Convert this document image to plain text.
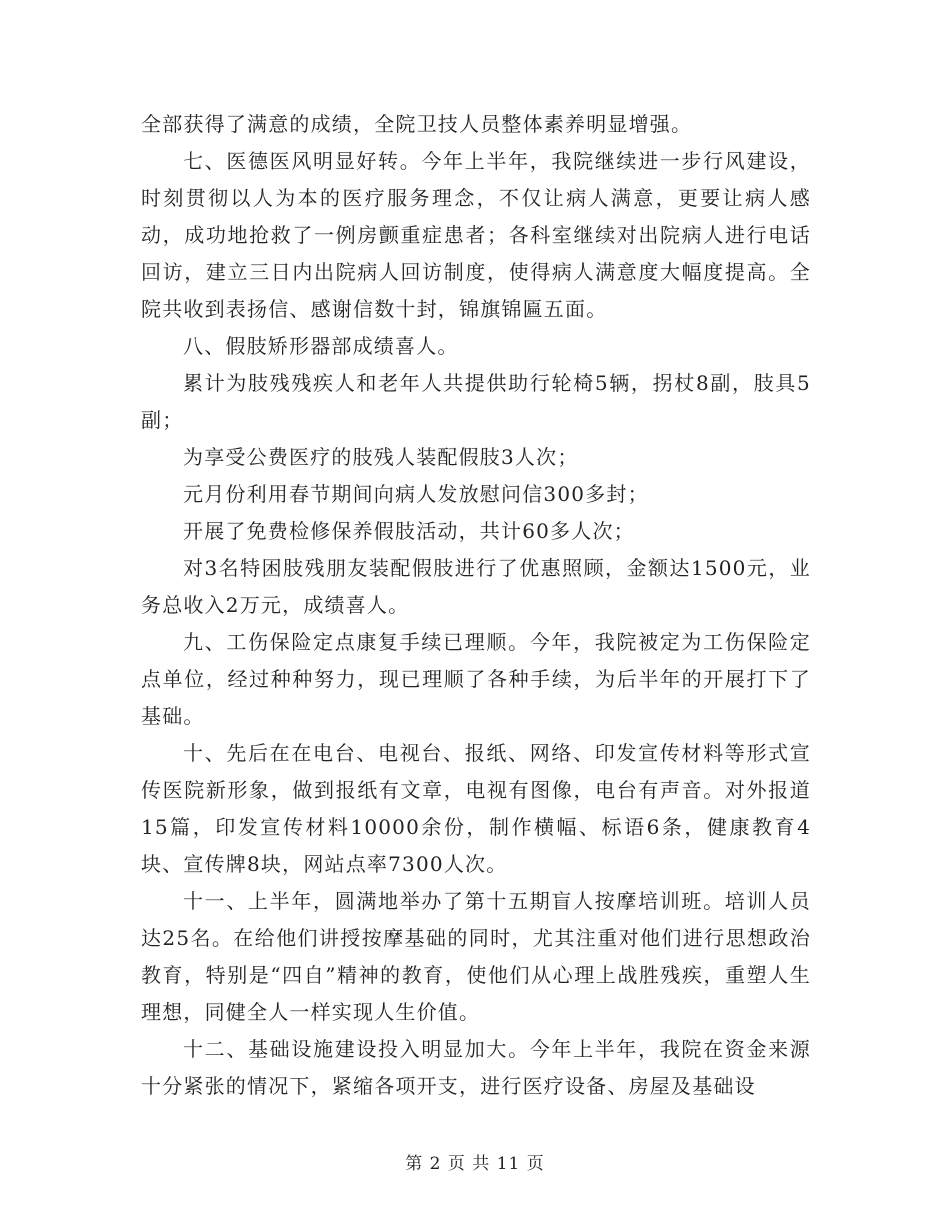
全部获得了满意的成绩，全院卫技人员整体素养明显增强。

七、医德医风明显好转。今年上半年，我院继续进一步行风建设，时刻贯彻以人为本的医疗服务理念，不仅让病人满意，更要让病人感动，成功地抢救了一例房颤重症患者；各科室继续对出院病人进行电话回访，建立三日内出院病人回访制度，使得病人满意度大幅度提高。全院共收到表扬信、感谢信数十封，锦旗锦匾五面。

八、假肢矫形器部成绩喜人。

累计为肢残残疾人和老年人共提供助行轮椅5辆，拐杖8副，肢具5副；

为享受公费医疗的肢残人装配假肢3人次；

元月份利用春节期间向病人发放慰问信300多封；

开展了免费检修保养假肢活动，共计60多人次；

对3名特困肢残朋友装配假肢进行了优惠照顾，金额达1500元，业务总收入2万元，成绩喜人。

九、工伤保险定点康复手续已理顺。今年，我院被定为工伤保险定点单位，经过种种努力，现已理顺了各种手续，为后半年的开展打下了基础。

十、先后在在电台、电视台、报纸、网络、印发宣传材料等形式宣传医院新形象，做到报纸有文章，电视有图像，电台有声音。对外报道15篇，印发宣传材料10000余份，制作横幅、标语6条，健康教育4块、宣传牌8块，网站点率7300人次。

十一、上半年，圆满地举办了第十五期盲人按摩培训班。培训人员达25名。在给他们讲授按摩基础的同时，尤其注重对他们进行思想政治教育，特别是“四自”精神的教育，使他们从心理上战胜残疾，重塑人生理想，同健全人一样实现人生价值。

十二、基础设施建设投入明显加大。今年上半年，我院在资金来源十分紧张的情况下，紧缩各项开支，进行医疗设备、房屋及基础设

第 2 页 共 11 页
